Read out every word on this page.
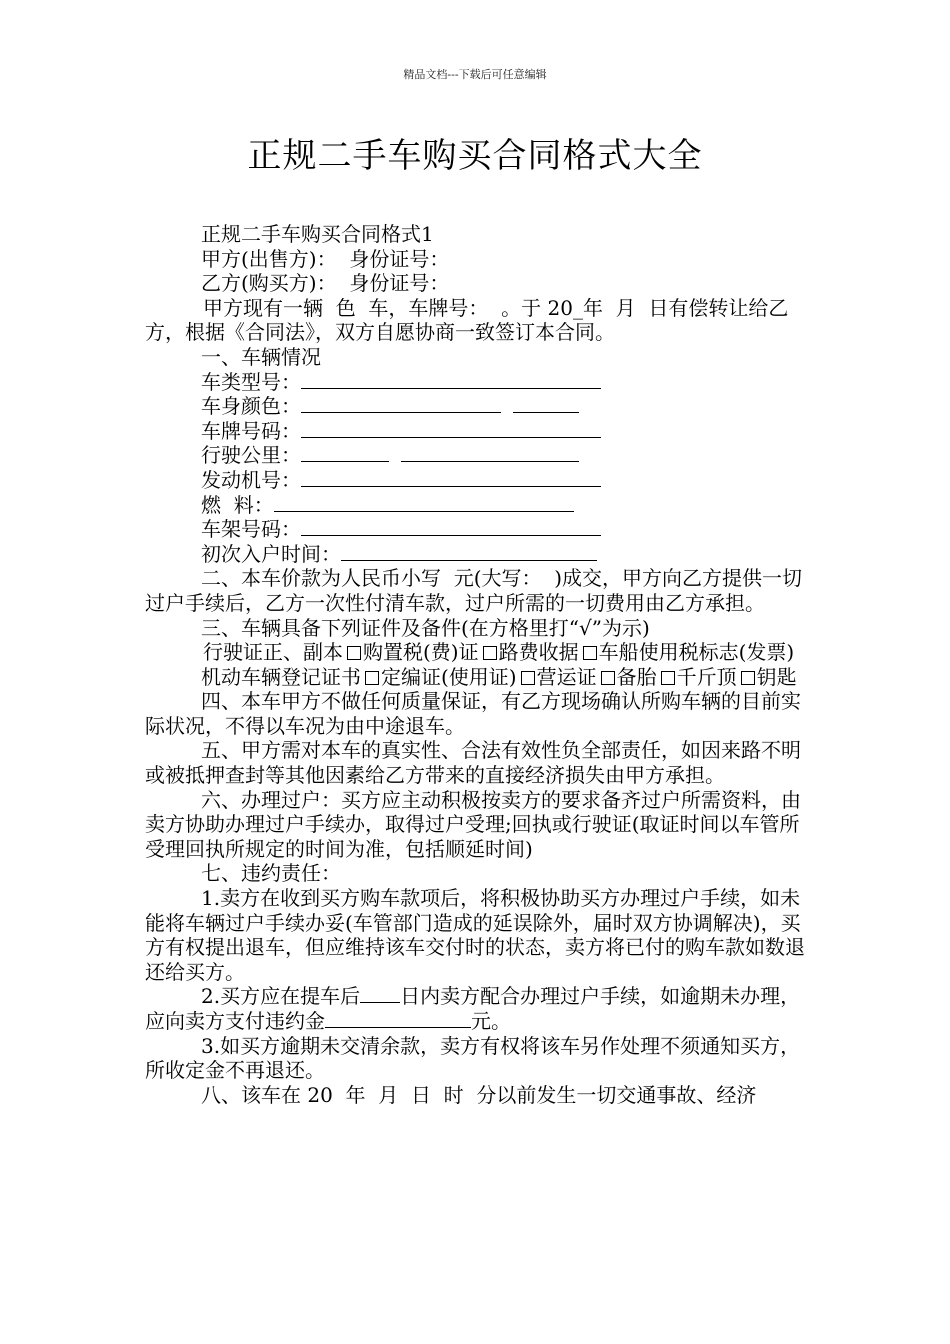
精品文档---下载后可任意编辑
正规二手车购买合同格式大全

正规二手车购买合同格式1

甲方(出售方)：  身份证号：

乙方(购买方)：  身份证号：

甲方现有一辆  色  车，车牌号：  。于 20_年  月  日有偿转让给乙方，根据《合同法》，双方自愿协商一致签订本合同。

一、车辆情况

车类型号：

车身颜色：

车牌号码：

行驶公里：

发动机号：

燃  料：

车架号码：

初次入户时间：

二、本车价款为人民币小写  元(大写：  )成交，甲方向乙方提供一切过户手续后，乙方一次性付清车款，过户所需的一切费用由乙方承担。

三、车辆具备下列证件及备件(在方格里打“√”为示)

行驶证正、副本 购置税(费)证 路费收据 车船使用税标志(发票)

机动车辆登记证书 定编证(使用证) 营运证 备胎 千斤顶 钥匙

四、本车甲方不做任何质量保证，有乙方现场确认所购车辆的目前实际状况，不得以车况为由中途退车。

五、甲方需对本车的真实性、合法有效性负全部责任，如因来路不明或被抵押查封等其他因素给乙方带来的直接经济损失由甲方承担。

六、办理过户：买方应主动积极按卖方的要求备齐过户所需资料，由卖方协助办理过户手续办，取得过户受理;回执或行驶证(取证时间以车管所受理回执所规定的时间为准，包括顺延时间)

七、违约责任：

1.卖方在收到买方购车款项后，将积极协助买方办理过户手续，如未能将车辆过户手续办妥(车管部门造成的延误除外，届时双方协调解决)，买方有权提出退车，但应维持该车交付时的状态，卖方将已付的购车款如数退还给买方。

2.买方应在提车后 日内卖方配合办理过户手续，如逾期未办理，应向卖方支付违约金	元。

3.如买方逾期未交清余款，卖方有权将该车另作处理不须通知买方，所收定金不再退还。

八、该车在 20  年  月  日  时  分以前发生一切交通事故、经济
